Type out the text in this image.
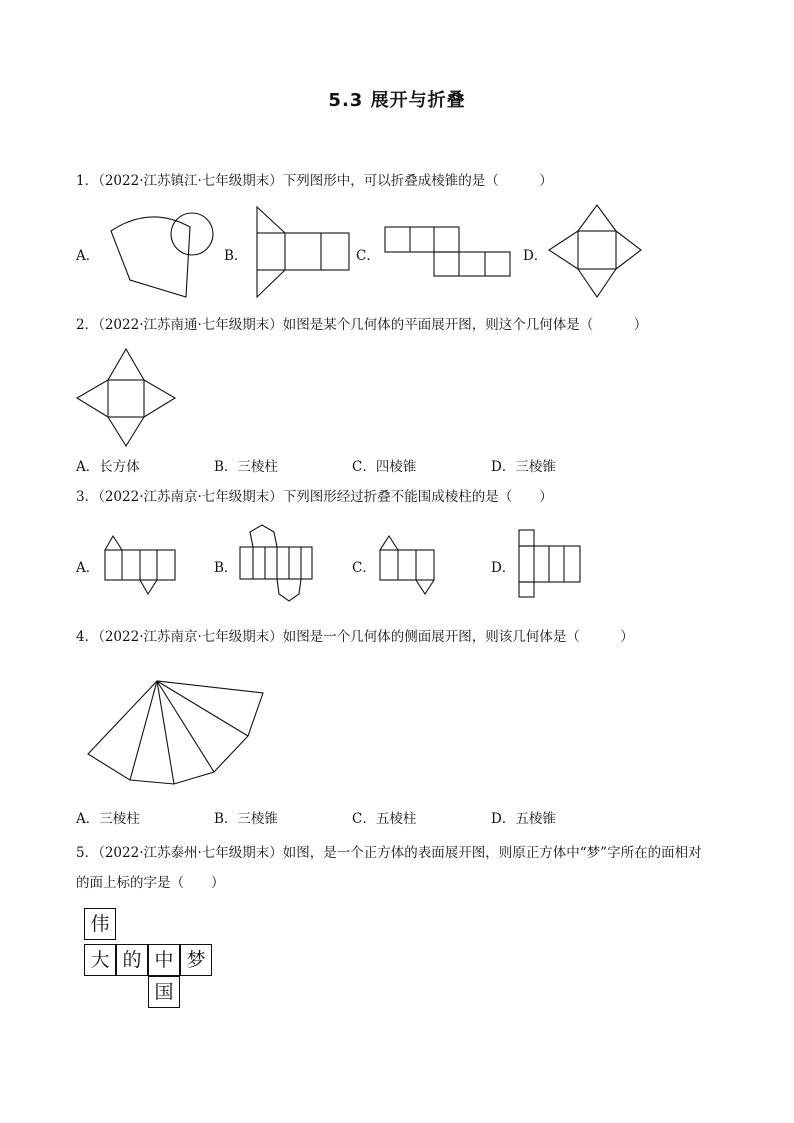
5.3 展开与折叠
1．（2022·江苏镇江·七年级期末）下列图形中，可以折叠成棱锥的是（　　　）
A．	B．	C．	D．
2．（2022·江苏南通·七年级期末）如图是某个几何体的平面展开图，则这个几何体是（　　　）
A．长方体	B．三棱柱	C．四棱锥	D．三棱锥
3．（2022·江苏南京·七年级期末）下列图形经过折叠不能围成棱柱的是（　　）
A．	B．	C．	D．
4．（2022·江苏南京·七年级期末）如图是一个几何体的侧面展开图，则该几何体是（　　　）
A．三棱柱	B．三棱锥	C．五棱柱	D．五棱锥
5．（2022·江苏泰州·七年级期末）如图，是一个正方体的表面展开图，则原正方体中“梦”字所在的面相对
的面上标的字是（　　）
伟
大 的 中 梦
国
